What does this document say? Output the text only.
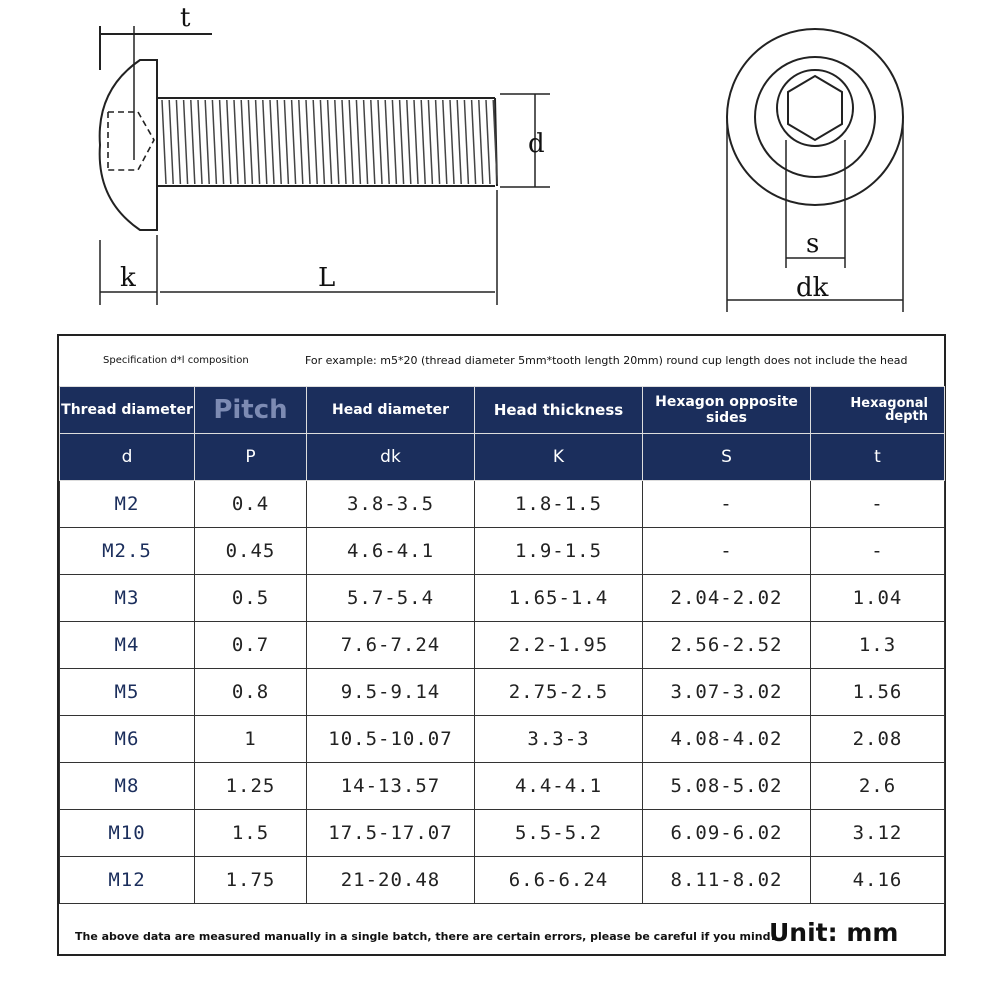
t
d
k	L
s
dk
Specification d*l composition	For example: m5*20 (thread diameter 5mm*tooth length 20mm) round cup length does not include the head
Thread diameter	Pitch	Head diameter	Head thickness	Hexagon opposite sides	Hexagonal depth

d	P	dk	K	S	t
M2	0.4	3.8-3.5	1.8-1.5	-	-
M2.5	0.45	4.6-4.1	1.9-1.5	-	-
M3	0.5	5.7-5.4	1.65-1.4	2.04-2.02	1.04
M4	0.7	7.6-7.24	2.2-1.95	2.56-2.52	1.3
M5	0.8	9.5-9.14	2.75-2.5	3.07-3.02	1.56
M6	1	10.5-10.07	3.3-3	4.08-4.02	2.08
M8	1.25	14-13.57	4.4-4.1	5.08-5.02	2.6
M10	1.5	17.5-17.07	5.5-5.2	6.09-6.02	3.12
M12	1.75	21-20.48	6.6-6.24	8.11-8.02	4.16
The above data are measured manually in a single batch, there are certain errors, please be careful if you mind!
Unit: mm
